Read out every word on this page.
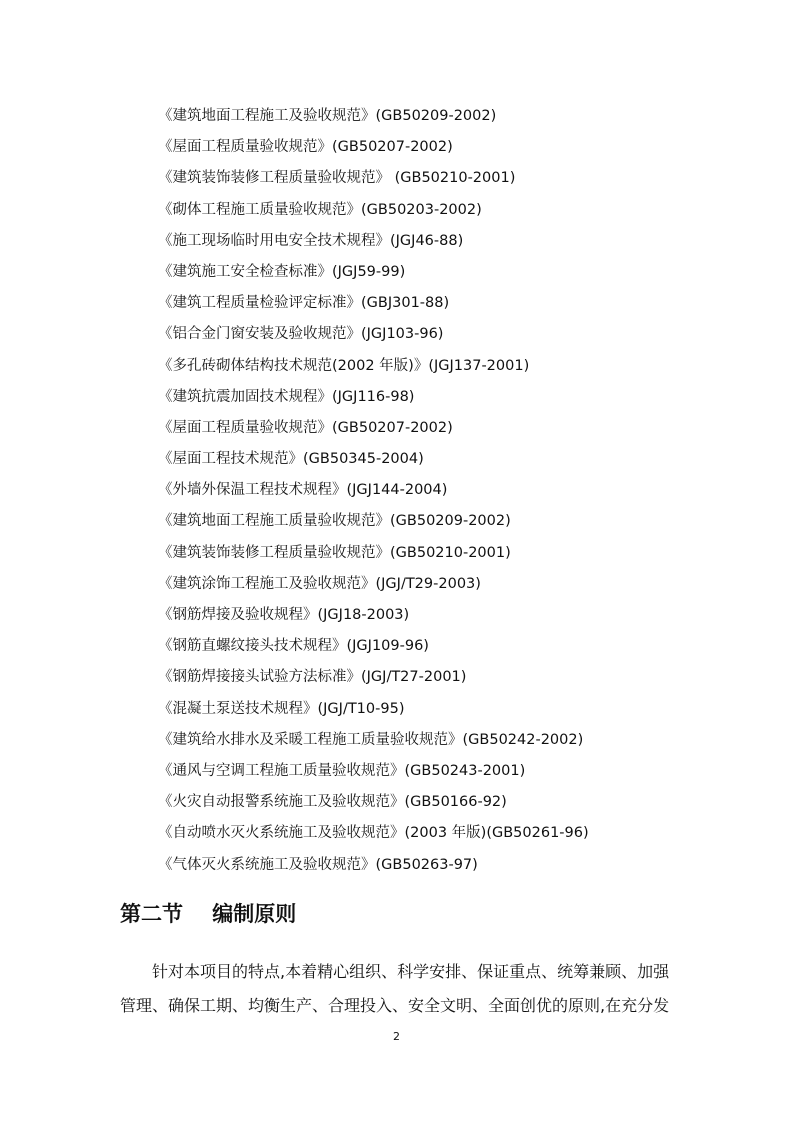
《建筑地面工程施工及验收规范》(GB50209-2002)
《屋面工程质量验收规范》(GB50207-2002)
《建筑装饰装修工程质量验收规范》 (GB50210-2001)
《砌体工程施工质量验收规范》(GB50203-2002)
《施工现场临时用电安全技术规程》(JGJ46-88)
《建筑施工安全检查标准》(JGJ59-99)
《建筑工程质量检验评定标准》(GBJ301-88)
《铝合金门窗安装及验收规范》(JGJ103-96)
《多孔砖砌体结构技术规范(2002 年版)》(JGJ137-2001)
《建筑抗震加固技术规程》(JGJ116-98)
《屋面工程质量验收规范》(GB50207-2002)
《屋面工程技术规范》(GB50345-2004)
《外墙外保温工程技术规程》(JGJ144-2004)
《建筑地面工程施工质量验收规范》(GB50209-2002)
《建筑装饰装修工程质量验收规范》(GB50210-2001)
《建筑涂饰工程施工及验收规范》(JGJ/T29-2003)
《钢筋焊接及验收规程》(JGJ18-2003)
《钢筋直螺纹接头技术规程》(JGJ109-96)
《钢筋焊接接头试验方法标准》(JGJ/T27-2001)
《混凝土泵送技术规程》(JGJ/T10-95)
《建筑给水排水及采暖工程施工质量验收规范》(GB50242-2002)
《通风与空调工程施工质量验收规范》(GB50243-2001)
《火灾自动报警系统施工及验收规范》(GB50166-92)
《自动喷水灭火系统施工及验收规范》(2003 年版)(GB50261-96)
《气体灭火系统施工及验收规范》(GB50263-97)
第二节    编制原则
针对本项目的特点,本着精心组织、科学安排、保证重点、统筹兼顾、加强
管理、确保工期、均衡生产、合理投入、安全文明、全面创优的原则,在充分发
2
